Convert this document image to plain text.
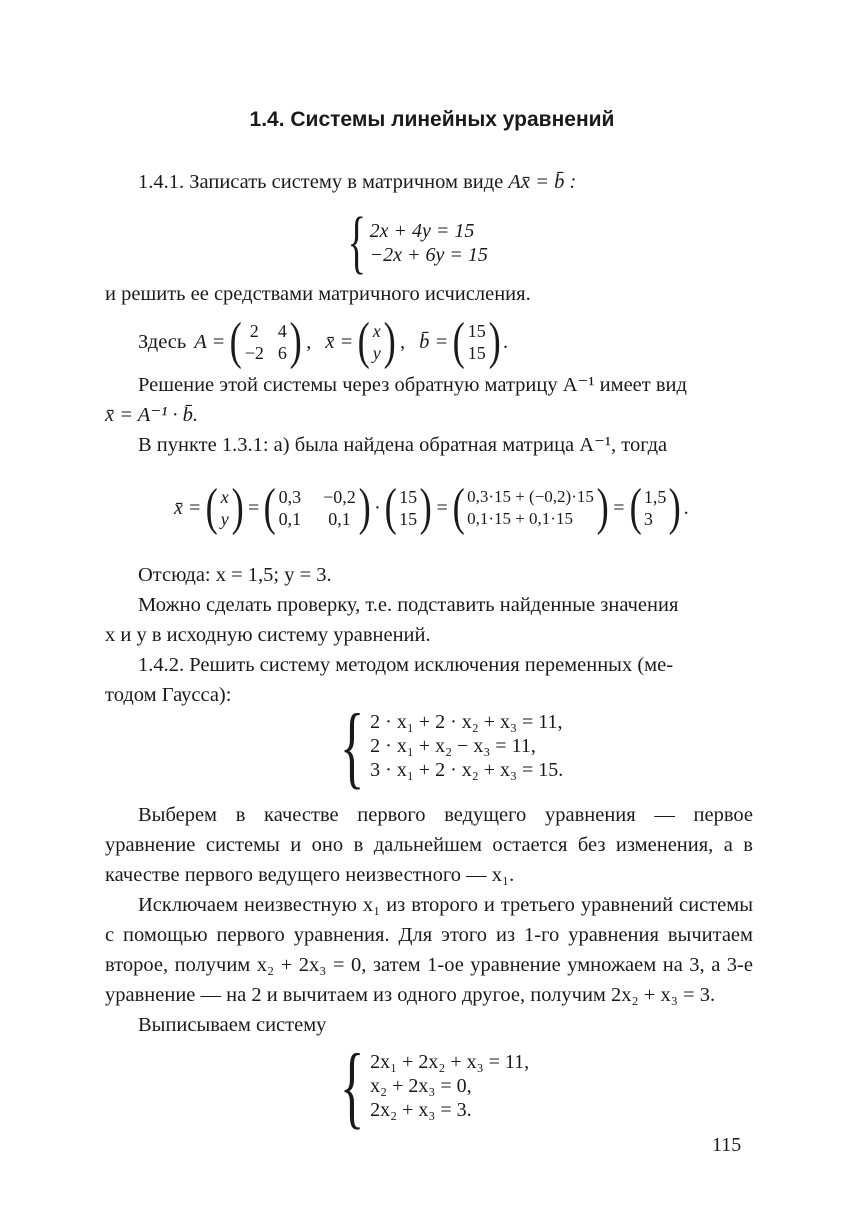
1.4. Системы линейных уравнений

1.4.1. Записать систему в матричном виде Ax̄ = b̄ :

{ 2x + 4y = 15
−2x + 6y = 15

и решить ее средствами матричного исчисления.

Здесь A = ( 2 4
−2 6 ) , x̄ = ( x
y ) , b̄ = ( 15
15 ) .

Решение этой системы через обратную матрицу A⁻¹ имеет вид

x̄ = A⁻¹ · b̄.

В пункте 1.3.1: а) была найдена обратная матрица A⁻¹, тогда

x̄ = ( x
y ) = ( 0,3 −0,2
0,1 0,1 ) · ( 15
15 ) = ( 0,3·15 + (−0,2)·15
0,1·15 + 0,1·15 ) = ( 1,5
3 ) .

Отсюда: x = 1,5; y = 3.

Можно сделать проверку, т.е. подставить найденные значения

x и y в исходную систему уравнений.

1.4.2. Решить систему методом исключения переменных (ме-

тодом Гаусса):	{ 2 · x₁ + 2 · x₂ + x₃ = 11,
2 · x₁ + x₂ − x₃ = 11,
3 · x₁ + 2 · x₂ + x₃ = 15.

Выберем в качестве первого ведущего уравнения — первое уравнение системы и оно в дальнейшем остается без изменения, а в качестве первого ведущего неизвестного — x₁.

Исключаем неизвестную x₁ из второго и третьего уравнений системы с помощью первого уравнения. Для этого из 1-го уравнения вычитаем второе, получим x₂ + 2x₃ = 0, затем 1-ое уравнение умножаем на 3, а 3-е уравнение — на 2 и вычитаем из одного другое, получим 2x₂ + x₃ = 3.

Выписываем систему

{ 2x₁ + 2x₂ + x₃ = 11,
x₂ + 2x₃ = 0,
2x₂ + x₃ = 3.
115
